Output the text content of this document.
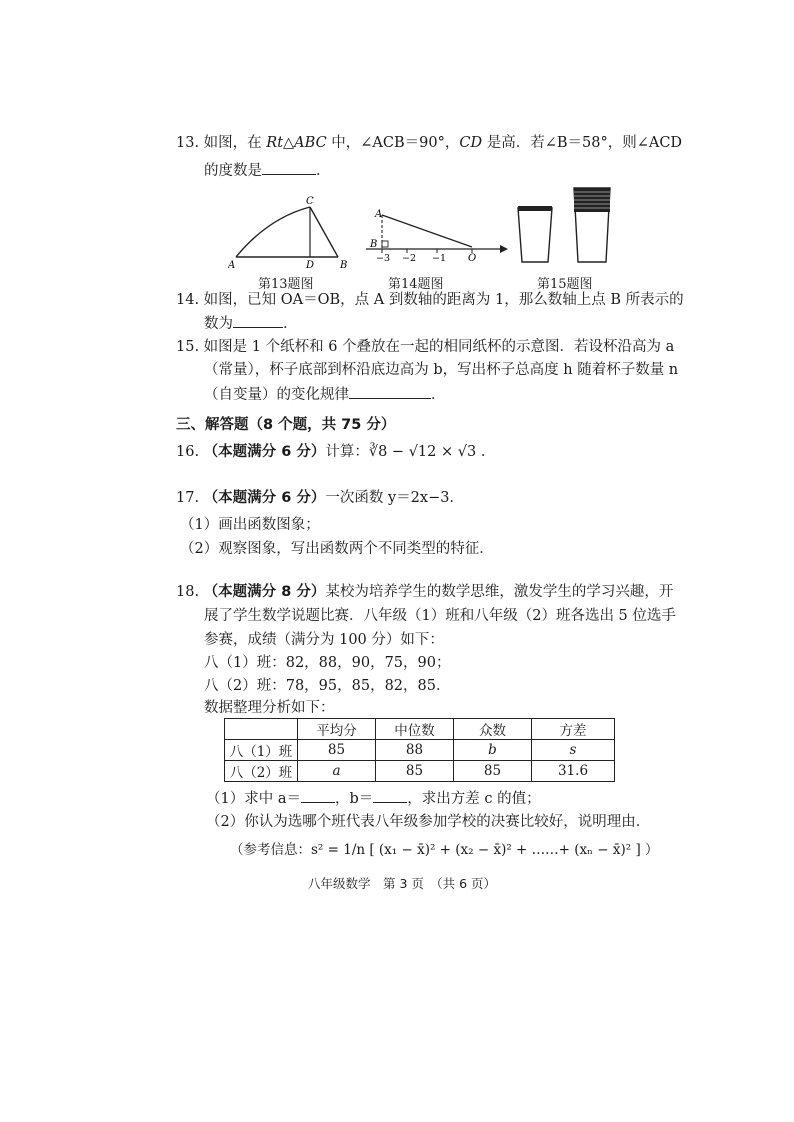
13. 如图，在 Rt△ABC 中，∠ACB＝90°，CD 是高．若∠B＝58°，则∠ACD
的度数是	．
A	B
C
D
A
B
−3 −2 −1 O
第13题图	第14题图	第15题图
14. 如图，已知 OA＝OB，点 A 到数轴的距离为 1，那么数轴上点 B 所表示的
数为	．
15. 如图是 1 个纸杯和 6 个叠放在一起的相同纸杯的示意图．若设杯沿高为 a
（常量），杯子底部到杯沿底边高为 b，写出杯子总高度 h 随着杯子数量 n
（自变量）的变化规律	．
三、解答题（8 个题，共 75 分）
16. （本题满分 6 分）计算：∛8 − √12 × √3 ．
17. （本题满分 6 分）一次函数 y＝2x−3．
（1）画出函数图象；
（2）观察图象，写出函数两个不同类型的特征．
18. （本题满分 8 分）某校为培养学生的数学思维，激发学生的学习兴趣，开
展了学生数学说题比赛．八年级（1）班和八年级（2）班各选出 5 位选手
参赛，成绩（满分为 100 分）如下：
八（1）班：82，88，90，75，90；
八（2）班：78，95，85，82，85．
数据整理分析如下：
	平均分	中位数	众数	方差
八（1）班	85	88	b	s
八（2）班	a	85	85	31.6
（1）求中 a＝ ，b＝ ，求出方差 c 的值；
（2）你认为选哪个班代表八年级参加学校的决赛比较好，说明理由．
（参考信息：s² = 1/n [ (x₁ − x̄)² + (x₂ − x̄)² + ……+ (xₙ − x̄)² ] ）
八年级数学　第 3 页　（共 6 页）
